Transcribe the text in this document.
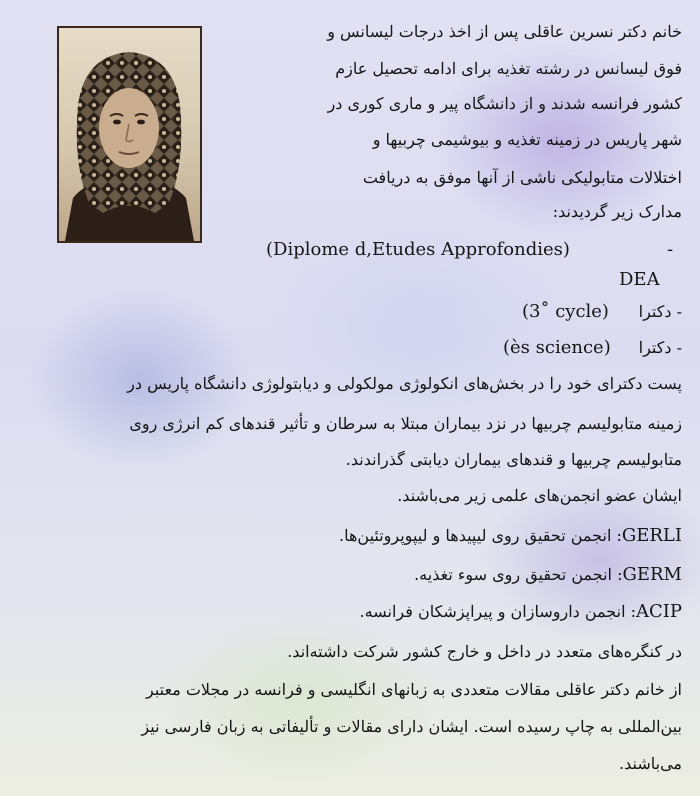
خانم دکتر نسرین عاقلی پس از اخذ درجات لیسانس و

فوق لیسانس در رشته تغذیه برای ادامه تحصیل عازم

کشور فرانسه شدند و از دانشگاه پیر و ماری کوری در

شهر پاریس در زمینه تغذیه و بیوشیمی چربیها و

اختلالات متابولیکی ناشی از آنها موفق به دریافت

مدارک زیر گردیدند:

(Diplome d,Etudes Approfondies)	-

DEA

(3˚ cycle) - دکترا

(ès science) - دکترا

پست دکترای خود را در بخش‌های انکولوژی مولکولی و دیابتولوژی دانشگاه پاریس در

زمینه متابولیسم چربیها در نزد بیماران مبتلا به سرطان و تأثیر قندهای کم انرژی روی

متابولیسم چربیها و قندهای بیماران دیابتی گذراندند.

ایشان عضو انجمن‌های علمی زیر می‌باشند.

GERLI: انجمن تحقیق روی لیپیدها و لیپوپروتئین‌ها.

GERM: انجمن تحقیق روی سوء تغذیه.

ACIP: انجمن داروسازان و پیراپزشکان فرانسه.

در کنگره‌های متعدد در داخل و خارج کشور شرکت داشته‌اند.

از خانم دکتر عاقلی مقالات متعددی به زبانهای انگلیسی و فرانسه در مجلات معتبر

بین‌المللی به چاپ رسیده است. ایشان دارای مقالات و تألیفاتی به زبان فارسی نیز

می‌باشند.
